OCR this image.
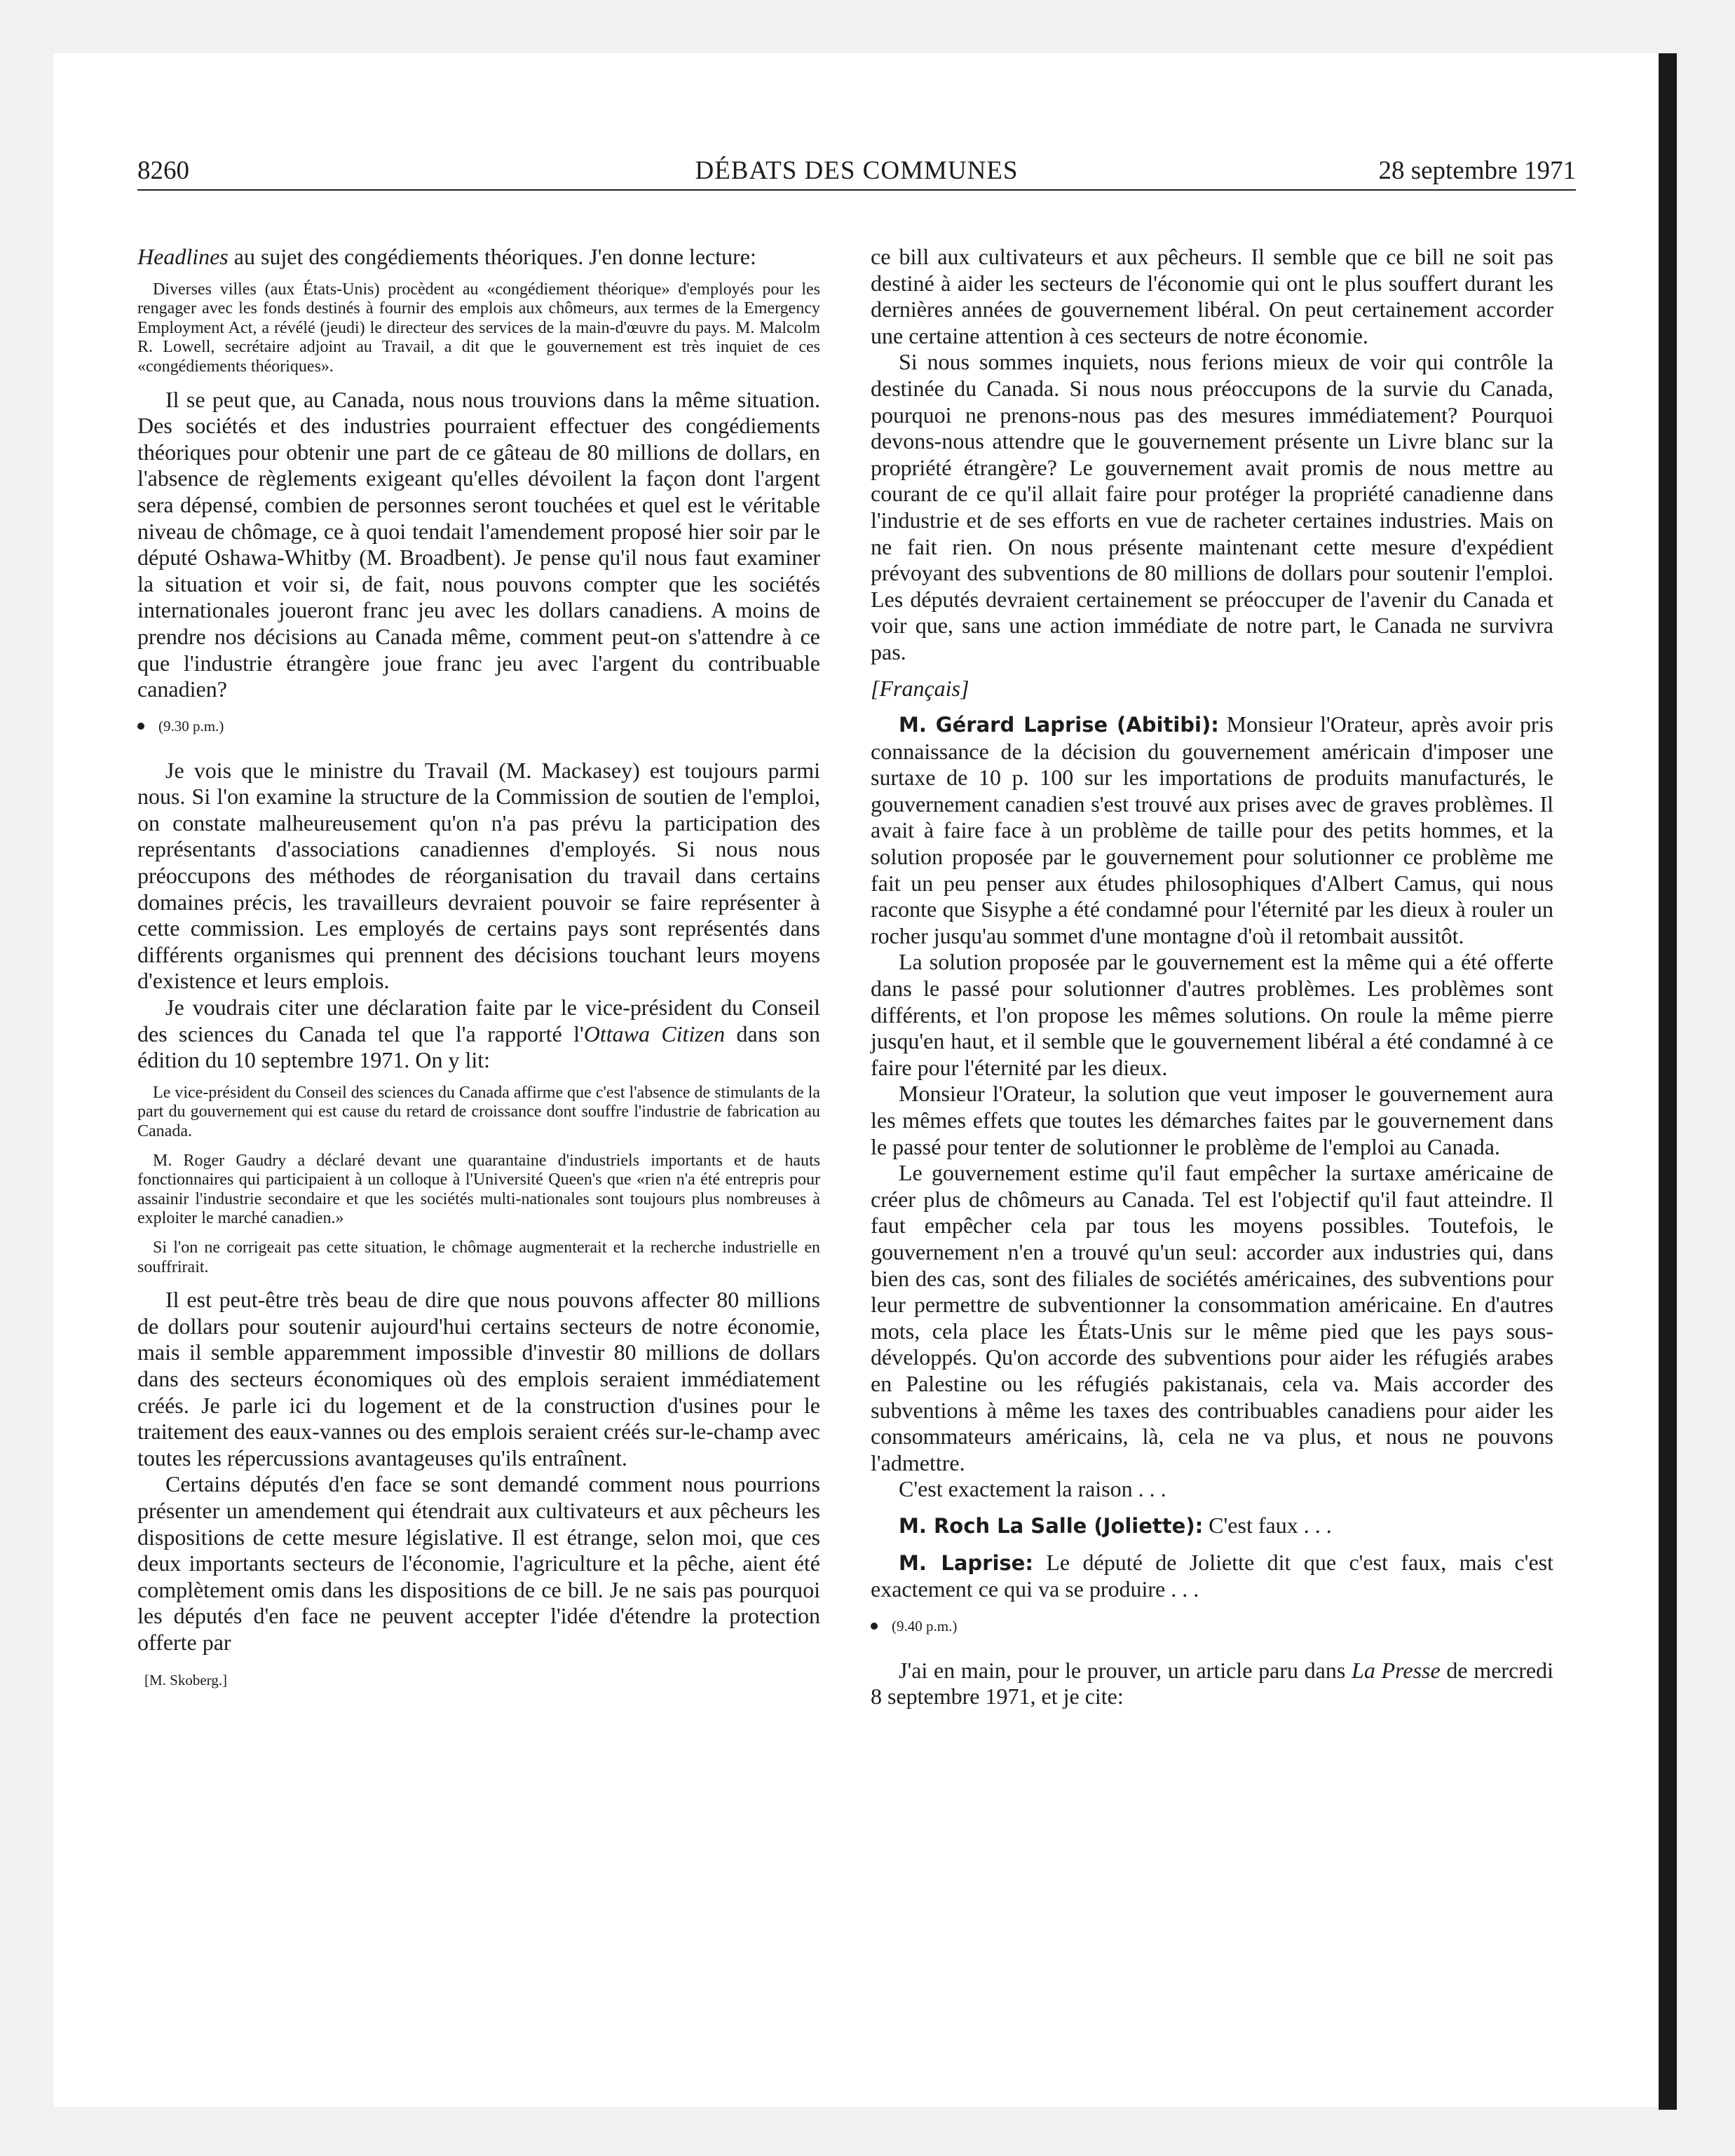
8260	DÉBATS DES COMMUNES	28 septembre 1971

Headlines au sujet des congédiements théoriques. J'en donne lecture:

Diverses villes (aux États-Unis) procèdent au «congédiement théorique» d'employés pour les rengager avec les fonds destinés à fournir des emplois aux chômeurs, aux termes de la Emergency Employment Act, a révélé (jeudi) le directeur des services de la main-d'œuvre du pays. M. Malcolm R. Lowell, secrétaire adjoint au Travail, a dit que le gouvernement est très inquiet de ces «congédiements théoriques».

Il se peut que, au Canada, nous nous trouvions dans la même situation. Des sociétés et des industries pourraient effectuer des congédiements théoriques pour obtenir une part de ce gâteau de 80 millions de dollars, en l'absence de règlements exigeant qu'elles dévoilent la façon dont l'argent sera dépensé, combien de personnes seront touchées et quel est le véritable niveau de chômage, ce à quoi tendait l'amendement proposé hier soir par le député Oshawa-Whitby (M. Broadbent). Je pense qu'il nous faut examiner la situation et voir si, de fait, nous pouvons compter que les sociétés internationales joueront franc jeu avec les dollars canadiens. A moins de prendre nos décisions au Canada même, comment peut-on s'attendre à ce que l'industrie étrangère joue franc jeu avec l'argent du contribuable canadien?

(9.30 p.m.)

Je vois que le ministre du Travail (M. Mackasey) est toujours parmi nous. Si l'on examine la structure de la Commission de soutien de l'emploi, on constate malheureusement qu'on n'a pas prévu la participation des représentants d'associations canadiennes d'employés. Si nous nous préoccupons des méthodes de réorganisation du travail dans certains domaines précis, les travailleurs devraient pouvoir se faire représenter à cette commission. Les employés de certains pays sont représentés dans différents organismes qui prennent des décisions touchant leurs moyens d'existence et leurs emplois.

Je voudrais citer une déclaration faite par le vice-président du Conseil des sciences du Canada tel que l'a rapporté l'Ottawa Citizen dans son édition du 10 septembre 1971. On y lit:

Le vice-président du Conseil des sciences du Canada affirme que c'est l'absence de stimulants de la part du gouvernement qui est cause du retard de croissance dont souffre l'industrie de fabrication au Canada.

M. Roger Gaudry a déclaré devant une quarantaine d'industriels importants et de hauts fonctionnaires qui participaient à un colloque à l'Université Queen's que «rien n'a été entrepris pour assainir l'industrie secondaire et que les sociétés multi-nationales sont toujours plus nombreuses à exploiter le marché canadien.»

Si l'on ne corrigeait pas cette situation, le chômage augmenterait et la recherche industrielle en souffrirait.

Il est peut-être très beau de dire que nous pouvons affecter 80 millions de dollars pour soutenir aujourd'hui certains secteurs de notre économie, mais il semble apparemment impossible d'investir 80 millions de dollars dans des secteurs économiques où des emplois seraient immédiatement créés. Je parle ici du logement et de la construction d'usines pour le traitement des eaux-vannes ou des emplois seraient créés sur-le-champ avec toutes les répercussions avantageuses qu'ils entraînent.

Certains députés d'en face se sont demandé comment nous pourrions présenter un amendement qui étendrait aux cultivateurs et aux pêcheurs les dispositions de cette mesure législative. Il est étrange, selon moi, que ces deux importants secteurs de l'économie, l'agriculture et la pêche, aient été complètement omis dans les dispositions de ce bill. Je ne sais pas pourquoi les députés d'en face ne peuvent accepter l'idée d'étendre la protection offerte par

[M. Skoberg.]

ce bill aux cultivateurs et aux pêcheurs. Il semble que ce bill ne soit pas destiné à aider les secteurs de l'économie qui ont le plus souffert durant les dernières années de gouvernement libéral. On peut certainement accorder une certaine attention à ces secteurs de notre économie.

Si nous sommes inquiets, nous ferions mieux de voir qui contrôle la destinée du Canada. Si nous nous préoccupons de la survie du Canada, pourquoi ne prenons-nous pas des mesures immédiatement? Pourquoi devons-nous attendre que le gouvernement présente un Livre blanc sur la propriété étrangère? Le gouvernement avait promis de nous mettre au courant de ce qu'il allait faire pour protéger la propriété canadienne dans l'industrie et de ses efforts en vue de racheter certaines industries. Mais on ne fait rien. On nous présente maintenant cette mesure d'expédient prévoyant des subventions de 80 millions de dollars pour soutenir l'emploi. Les députés devraient certainement se préoccuper de l'avenir du Canada et voir que, sans une action immédiate de notre part, le Canada ne survivra pas.

[Français]

M. Gérard Laprise (Abitibi): Monsieur l'Orateur, après avoir pris connaissance de la décision du gouvernement américain d'imposer une surtaxe de 10 p. 100 sur les importations de produits manufacturés, le gouvernement canadien s'est trouvé aux prises avec de graves problèmes. Il avait à faire face à un problème de taille pour des petits hommes, et la solution proposée par le gouvernement pour solutionner ce problème me fait un peu penser aux études philosophiques d'Albert Camus, qui nous raconte que Sisyphe a été condamné pour l'éternité par les dieux à rouler un rocher jusqu'au sommet d'une montagne d'où il retombait aussitôt.

La solution proposée par le gouvernement est la même qui a été offerte dans le passé pour solutionner d'autres problèmes. Les problèmes sont différents, et l'on propose les mêmes solutions. On roule la même pierre jusqu'en haut, et il semble que le gouvernement libéral a été condamné à ce faire pour l'éternité par les dieux.

Monsieur l'Orateur, la solution que veut imposer le gouvernement aura les mêmes effets que toutes les démarches faites par le gouvernement dans le passé pour tenter de solutionner le problème de l'emploi au Canada.

Le gouvernement estime qu'il faut empêcher la surtaxe américaine de créer plus de chômeurs au Canada. Tel est l'objectif qu'il faut atteindre. Il faut empêcher cela par tous les moyens possibles. Toutefois, le gouvernement n'en a trouvé qu'un seul: accorder aux industries qui, dans bien des cas, sont des filiales de sociétés américaines, des subventions pour leur permettre de subventionner la consommation américaine. En d'autres mots, cela place les États-Unis sur le même pied que les pays sous-développés. Qu'on accorde des subventions pour aider les réfugiés arabes en Palestine ou les réfugiés pakistanais, cela va. Mais accorder des subventions à même les taxes des contribuables canadiens pour aider les consommateurs américains, là, cela ne va plus, et nous ne pouvons l'admettre.

C'est exactement la raison . . .

M. Roch La Salle (Joliette): C'est faux . . .

M. Laprise: Le député de Joliette dit que c'est faux, mais c'est exactement ce qui va se produire . . .

(9.40 p.m.)

J'ai en main, pour le prouver, un article paru dans La Presse de mercredi 8 septembre 1971, et je cite:
